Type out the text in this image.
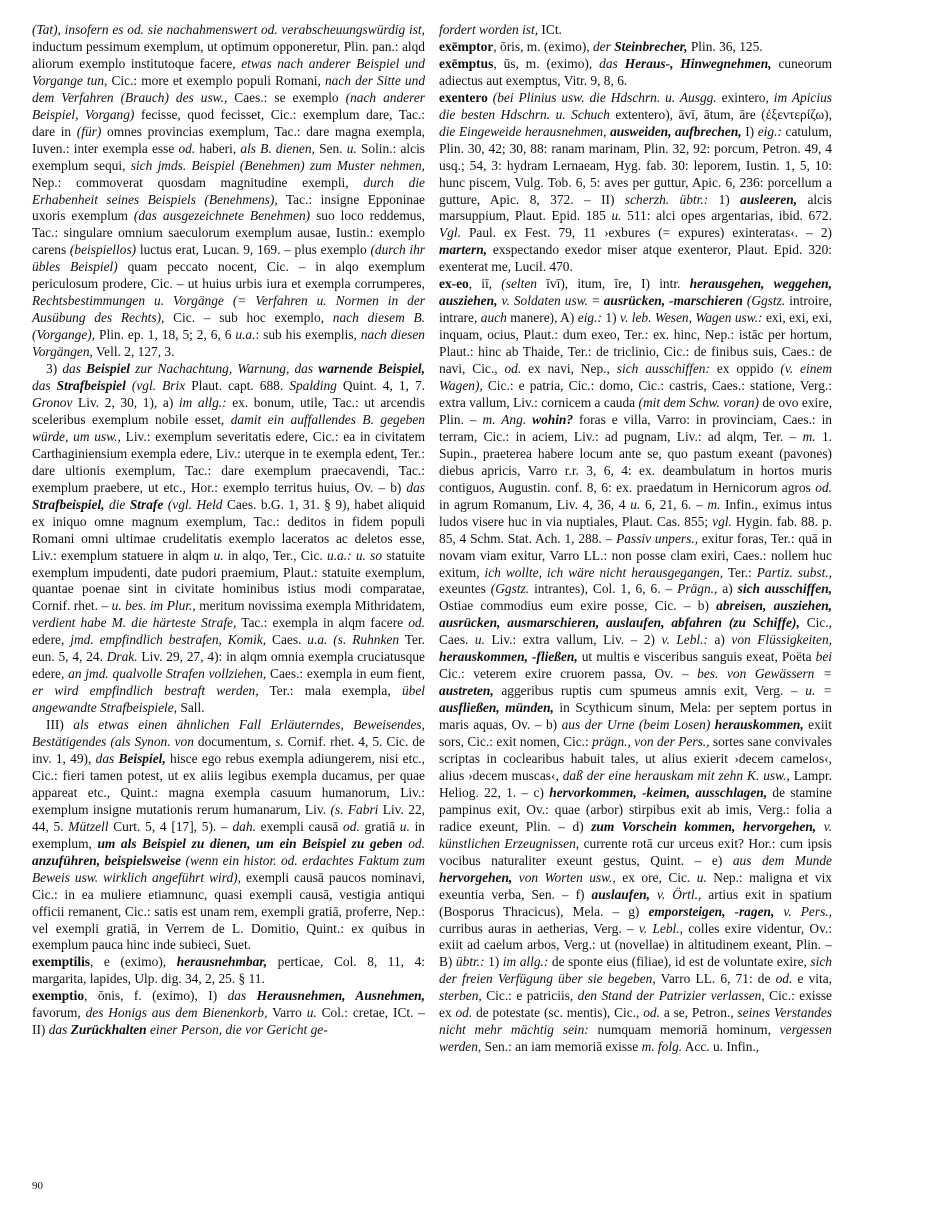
(Tat), insofern es od. sie nachahmenswert od. verabscheuungswürdig ist, inductum pessimum exemplum, ut optimum opponeretur, Plin. pan.: alqd aliorum exemplo institutoque facere, etwas nach anderer Beispiel und Vorgange tun, Cic.: more et exemplo populi Romani, nach der Sitte und dem Verfahren (Brauch) des usw., Caes.: se exemplo (nach anderer Beispiel, Vorgang) fecisse, quod fecisset, Cic.: exemplum dare, Tac.: dare in (für) omnes provincias exemplum, Tac.: dare magna exempla, Iuven.: inter exempla esse od. haberi, als B. dienen, Sen. u. Solin.: alcis exemplum sequi, sich jmds. Beispiel (Benehmen) zum Muster nehmen, Nep.: commoverat quosdam magnitudine exempli, durch die Erhabenheit seines Beispiels (Benehmens), Tac.: insigne Epponinae uxoris exemplum (das ausgezeichnete Benehmen) suo loco reddemus, Tac.: singulare omnium saeculorum exemplum ausae, Iustin.: exemplo carens (beispiellos) luctus erat, Lucan. 9, 169. – plus exemplo (durch ihr übles Beispiel) quam peccato nocent, Cic. – in alqo exemplum periculosum prodere, Cic. – ut huius urbis iura et exempla corrumperes, Rechtsbestimmungen u. Vorgänge (= Verfahren u. Normen in der Ausübung des Rechts), Cic. – sub hoc exemplo, nach diesem B. (Vorgange), Plin. ep. 1, 18, 5; 2, 6, 6 u.a.: sub his exemplis, nach diesen Vorgängen, Vell. 2, 127, 3.

3) das Beispiel zur Nachachtung, Warnung, das warnende Beispiel, das Strafbeispiel (vgl. Brix Plaut. capt. 688. Spalding Quint. 4, 1, 7. Gronov Liv. 2, 30, 1), a) im allg.: ex. bonum, utile, Tac.: ut arcendis sceleribus exemplum nobile esset, damit ein auffallendes B. gegeben würde, um usw., Liv.: exemplum severitatis edere, Cic.: ea in civitatem Carthaginiensium exempla edere, Liv.: uterque in te exempla edent, Ter.: dare ultionis exemplum, Tac.: dare exemplum praecavendi, Tac.: exemplum praebere, ut etc., Hor.: exemplo territus huius, Ov. – b) das Strafbeispiel, die Strafe (vgl. Held Caes. b.G. 1, 31. § 9), habet aliquid ex iniquo omne magnum exemplum, Tac.: deditos in fidem populi Romani omni ultimae crudelitatis exemplo laceratos ac deletos esse, Liv.: exemplum statuere in alqm u. in alqo, Ter., Cic. u.a.: u. so statuite exemplum impudenti, date pudori praemium, Plaut.: statuite exemplum, quantae poenae sint in civitate hominibus istius modi comparatae, Cornif. rhet. – u. bes. im Plur., meritum novissima exempla Mithridatem, verdient habe M. die härteste Strafe, Tac.: exempla in alqm facere od. edere, jmd. empfindlich bestrafen, Komik, Caes. u.a. (s. Ruhnken Ter. eun. 5, 4, 24. Drak. Liv. 29, 27, 4): in alqm omnia exempla cruciatusque edere, an jmd. qualvolle Strafen vollziehen, Caes.: exempla in eum fient, er wird empfindlich bestraft werden, Ter.: mala exempla, übel angewandte Strafbeispiele, Sall.

III) als etwas einen ähnlichen Fall Erläuterndes, Beweisendes, Bestätigendes (als Synon. von documentum, s. Cornif. rhet. 4, 5. Cic. de inv. 1, 49), das Beispiel, hisce ego rebus exempla adiungerem, nisi etc., Cic.: fieri tamen potest, ut ex aliis legibus exempla ducamus, per quae appareat etc., Quint.: magna exempla casuum humanorum, Liv.: exemplum insigne mutationis rerum humanarum, Liv. (s. Fabri Liv. 22, 44, 5. Mützell Curt. 5, 4 [17], 5). – dah. exempli causā od. gratiā u. in exemplum, um als Beispiel zu dienen, um ein Beispiel zu geben od. anzuführen, beispielsweise (wenn ein histor. od. erdachtes Faktum zum Beweis usw. wirklich angeführt wird), exempli causā paucos nominavi, Cic.: in ea muliere etiamnunc, quasi exempli causā, vestigia antiqui officii remanent, Cic.: satis est unam rem, exempli gratiā, proferre, Nep.: vel exempli gratiā, in Verrem de L. Domitio, Quint.: ex quibus in exemplum pauca hinc inde subieci, Suet.

exemptilis, e (eximo), herausnehmbar, perticae, Col. 8, 11, 4: margarita, lapides, Ulp. dig. 34, 2, 25. § 11.

exemptio, ōnis, f. (eximo), I) das Herausnehmen, Ausnehmen, favorum, des Honigs aus dem Bienenkorb, Varro u. Col.: cretae, ICt. – II) das Zurückhalten einer Person, die vor Gericht ge-

fordert worden ist, ICt.

exēmptor, ōris, m. (eximo), der Steinbrecher, Plin. 36, 125.

exēmptus, ūs, m. (eximo), das Heraus-, Hinwegnehmen, cuneorum adiectus aut exemptus, Vitr. 9, 8, 6.

exentero (bei Plinius usw. die Hdschrn. u. Ausgg. exintero, im Apicius die besten Hdschrn. u. Schuch extentero), āvī, ātum, āre (ἐξεντερίζω), die Eingeweide herausnehmen, ausweiden, aufbrechen, I) eig.: catulum, Plin. 30, 42; 30, 88: ranam marinam, Plin. 32, 92: porcum, Petron. 49, 4 usq.; 54, 3: hydram Lernaeam, Hyg. fab. 30: leporem, Iustin. 1, 5, 10: hunc piscem, Vulg. Tob. 6, 5: aves per guttur, Apic. 6, 236: porcellum a gutture, Apic. 8, 372. – II) scherzh. übtr.: 1) ausleeren, alcis marsuppium, Plaut. Epid. 185 u. 511: alci opes argentarias, ibid. 672. Vgl. Paul. ex Fest. 79, 11 ›exbures (= expures) exinteratas‹. – 2) martern, exspectando exedor miser atque exenteror, Plaut. Epid. 320: exenterat me, Lucil. 470.

ex-eo, iī, (selten īvī), itum, īre, I) intr. herausgehen, weggehen, ausziehen, v. Soldaten usw. = ausrücken, -marschieren (Ggstz. introire, intrare, auch manere), A) eig.: 1) v. leb. Wesen, Wagen usw.: exi, exi, exi, inquam, ocius, Plaut.: dum exeo, Ter.: ex. hinc, Nep.: istāc per hortum, Plaut.: hinc ab Thaide, Ter.: de triclinio, Cic.: de finibus suis, Caes.: de navi, Cic., od. ex navi, Nep., sich ausschiffen: ex oppido (v. einem Wagen), Cic.: e patria, Cic.: domo, Cic.: castris, Caes.: statione, Verg.: extra vallum, Liv.: cornicem a cauda (mit dem Schw. voran) de ovo exire, Plin. – m. Ang. wohin? foras e villa, Varro: in provinciam, Caes.: in terram, Cic.: in aciem, Liv.: ad pugnam, Liv.: ad alqm, Ter. – m. 1. Supin., praeterea habere locum ante se, quo pastum exeant (pavones) diebus apricis, Varro r.r. 3, 6, 4: ex. deambulatum in hortos muris contiguos, Augustin. conf. 8, 6: ex. praedatum in Hernicorum agros od. in agrum Romanum, Liv. 4, 36, 4 u. 6, 21, 6. – m. Infin., eximus intus ludos visere huc in via nuptiales, Plaut. Cas. 855; vgl. Hygin. fab. 88. p. 85, 4 Schm. Stat. Ach. 1, 288. – Passiv unpers., exitur foras, Ter.: quā in novam viam exitur, Varro LL.: non posse clam exiri, Caes.: nollem huc exitum, ich wollte, ich wäre nicht herausgegangen, Ter.: Partiz. subst., exeuntes (Ggstz. intrantes), Col. 1, 6, 6. – Prägn., a) sich ausschiffen, Ostiae commodius eum exire posse, Cic. – b) abreisen, ausziehen, ausrücken, ausmarschieren, auslaufen, abfahren (zu Schiffe), Cic., Caes. u. Liv.: extra vallum, Liv. – 2) v. Lebl.: a) von Flüssigkeiten, herauskommen, -fließen, ut multis e visceribus sanguis exeat, Poëta bei Cic.: veterem exire cruorem passa, Ov. – bes. von Gewässern = austreten, aggeribus ruptis cum spumeus amnis exit, Verg. – u. = ausfließen, münden, in Scythicum sinum, Mela: per septem portus in maris aquas, Ov. – b) aus der Urne (beim Losen) herauskommen, exiit sors, Cic.: exit nomen, Cic.: prägn., von der Pers., sortes sane convivales scriptas in coclearibus habuit tales, ut alius exierit ›decem camelos‹, alius ›decem muscas‹, daß der eine herauskam mit zehn K. usw., Lampr. Heliog. 22, 1. – c) hervorkommen, -keimen, ausschlagen, de stamine pampinus exit, Ov.: quae (arbor) stirpibus exit ab imis, Verg.: folia a radice exeunt, Plin. – d) zum Vorschein kommen, hervorgehen, v. künstlichen Erzeugnissen, currente rotā cur urceus exit? Hor.: cum ipsis vocibus naturaliter exeunt gestus, Quint. – e) aus dem Munde hervorgehen, von Worten usw., ex ore, Cic. u. Nep.: maligna et vix exeuntia verba, Sen. – f) auslaufen, v. Örtl., artius exit in spatium (Bosporus Thracicus), Mela. – g) emporsteigen, -ragen, v. Pers., curribus auras in aetherias, Verg. – v. Lebl., colles exire videntur, Ov.: exiit ad caelum arbos, Verg.: ut (novellae) in altitudinem exeant, Plin. – B) übtr.: 1) im allg.: de sponte eius (filiae), id est de voluntate exire, sich der freien Verfügung über sie begeben, Varro LL. 6, 71: de od. e vita, sterben, Cic.: e patriciis, den Stand der Patrizier verlassen, Cic.: exisse ex od. de potestate (sc. mentis), Cic., od. a se, Petron., seines Verstandes nicht mehr mächtig sein: numquam memoriā hominum, vergessen werden, Sen.: an iam memoriā exisse m. folg. Acc. u. Infin.,

90
